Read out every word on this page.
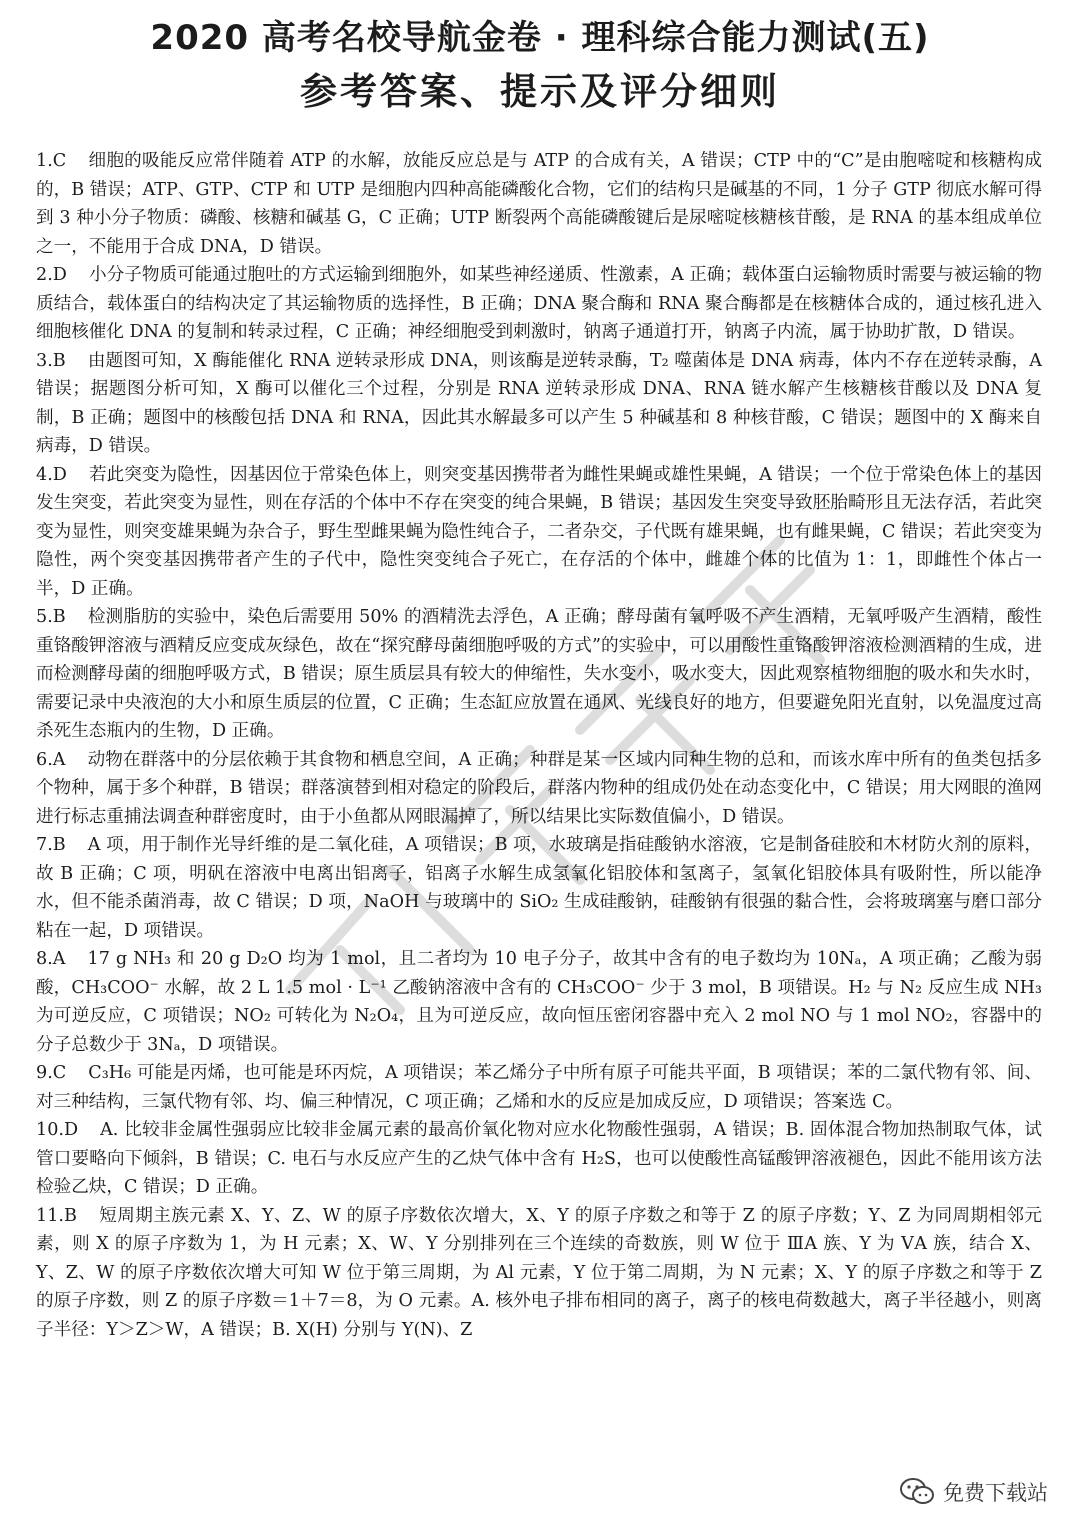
2020 高考名校导航金卷 · 理科综合能力测试(五)
参考答案、提示及评分细则
1.C 细胞的吸能反应常伴随着 ATP 的水解，放能反应总是与 ATP 的合成有关，A 错误；CTP 中的“C”是由胞嘧啶和核糖构成的，B 错误；ATP、GTP、CTP 和 UTP 是细胞内四种高能磷酸化合物，它们的结构只是碱基的不同，1 分子 GTP 彻底水解可得到 3 种小分子物质：磷酸、核糖和碱基 G，C 正确；UTP 断裂两个高能磷酸键后是尿嘧啶核糖核苷酸，是 RNA 的基本组成单位之一，不能用于合成 DNA，D 错误。
2.D 小分子物质可能通过胞吐的方式运输到细胞外，如某些神经递质、性激素，A 正确；载体蛋白运输物质时需要与被运输的物质结合，载体蛋白的结构决定了其运输物质的选择性，B 正确；DNA 聚合酶和 RNA 聚合酶都是在核糖体合成的，通过核孔进入细胞核催化 DNA 的复制和转录过程，C 正确；神经细胞受到刺激时，钠离子通道打开，钠离子内流，属于协助扩散，D 错误。
3.B 由题图可知，X 酶能催化 RNA 逆转录形成 DNA，则该酶是逆转录酶，T₂ 噬菌体是 DNA 病毒，体内不存在逆转录酶，A 错误；据题图分析可知，X 酶可以催化三个过程，分别是 RNA 逆转录形成 DNA、RNA 链水解产生核糖核苷酸以及 DNA 复制，B 正确；题图中的核酸包括 DNA 和 RNA，因此其水解最多可以产生 5 种碱基和 8 种核苷酸，C 错误；题图中的 X 酶来自病毒，D 错误。
4.D 若此突变为隐性，因基因位于常染色体上，则突变基因携带者为雌性果蝇或雄性果蝇，A 错误；一个位于常染色体上的基因发生突变，若此突变为显性，则在存活的个体中不存在突变的纯合果蝇，B 错误；基因发生突变导致胚胎畸形且无法存活，若此突变为显性，则突变雄果蝇为杂合子，野生型雌果蝇为隐性纯合子，二者杂交，子代既有雄果蝇，也有雌果蝇，C 错误；若此突变为隐性，两个突变基因携带者产生的子代中，隐性突变纯合子死亡，在存活的个体中，雌雄个体的比值为 1：1，即雌性个体占一半，D 正确。
5.B 检测脂肪的实验中，染色后需要用 50% 的酒精洗去浮色，A 正确；酵母菌有氧呼吸不产生酒精，无氧呼吸产生酒精，酸性重铬酸钾溶液与酒精反应变成灰绿色，故在“探究酵母菌细胞呼吸的方式”的实验中，可以用酸性重铬酸钾溶液检测酒精的生成，进而检测酵母菌的细胞呼吸方式，B 错误；原生质层具有较大的伸缩性，失水变小，吸水变大，因此观察植物细胞的吸水和失水时，需要记录中央液泡的大小和原生质层的位置，C 正确；生态缸应放置在通风、光线良好的地方，但要避免阳光直射，以免温度过高杀死生态瓶内的生物，D 正确。
6.A 动物在群落中的分层依赖于其食物和栖息空间，A 正确；种群是某一区域内同种生物的总和，而该水库中所有的鱼类包括多个物种，属于多个种群，B 错误；群落演替到相对稳定的阶段后，群落内物种的组成仍处在动态变化中，C 错误；用大网眼的渔网进行标志重捕法调查种群密度时，由于小鱼都从网眼漏掉了，所以结果比实际数值偏小，D 错误。
7.B A 项，用于制作光导纤维的是二氧化硅，A 项错误；B 项，水玻璃是指硅酸钠水溶液，它是制备硅胶和木材防火剂的原料，故 B 正确；C 项，明矾在溶液中电离出铝离子，铝离子水解生成氢氧化铝胶体和氢离子，氢氧化铝胶体具有吸附性，所以能净水，但不能杀菌消毒，故 C 错误；D 项，NaOH 与玻璃中的 SiO₂ 生成硅酸钠，硅酸钠有很强的黏合性，会将玻璃塞与磨口部分粘在一起，D 项错误。
8.A 17 g NH₃ 和 20 g D₂O 均为 1 mol，且二者均为 10 电子分子，故其中含有的电子数均为 10Nₐ，A 项正确；乙酸为弱酸，CH₃COO⁻ 水解，故 2 L 1.5 mol · L⁻¹ 乙酸钠溶液中含有的 CH₃COO⁻ 少于 3 mol，B 项错误。H₂ 与 N₂ 反应生成 NH₃ 为可逆反应，C 项错误；NO₂ 可转化为 N₂O₄，且为可逆反应，故向恒压密闭容器中充入 2 mol NO 与 1 mol NO₂，容器中的分子总数少于 3Nₐ，D 项错误。
9.C C₃H₆ 可能是丙烯，也可能是环丙烷，A 项错误；苯乙烯分子中所有原子可能共平面，B 项错误；苯的二氯代物有邻、间、对三种结构，三氯代物有邻、均、偏三种情况，C 项正确；乙烯和水的反应是加成反应，D 项错误；答案选 C。
10.D A. 比较非金属性强弱应比较非金属元素的最高价氧化物对应水化物酸性强弱，A 错误；B. 固体混合物加热制取气体，试管口要略向下倾斜，B 错误；C. 电石与水反应产生的乙炔气体中含有 H₂S，也可以使酸性高锰酸钾溶液褪色，因此不能用该方法检验乙炔，C 错误；D 正确。
11.B 短周期主族元素 X、Y、Z、W 的原子序数依次增大，X、Y 的原子序数之和等于 Z 的原子序数；Y、Z 为同周期相邻元素，则 X 的原子序数为 1，为 H 元素；X、W、Y 分别排列在三个连续的奇数族，则 W 位于 ⅢA 族、Y 为 ⅤA 族，结合 X、Y、Z、W 的原子序数依次增大可知 W 位于第三周期，为 Al 元素，Y 位于第二周期，为 N 元素；X、Y 的原子序数之和等于 Z 的原子序数，则 Z 的原子序数＝1＋7＝8，为 O 元素。A. 核外电子排布相同的离子，离子的核电荷数越大，离子半径越小，则离子半径：Y＞Z＞W，A 错误；B. X(H) 分别与 Y(N)、Z
免费下载站
